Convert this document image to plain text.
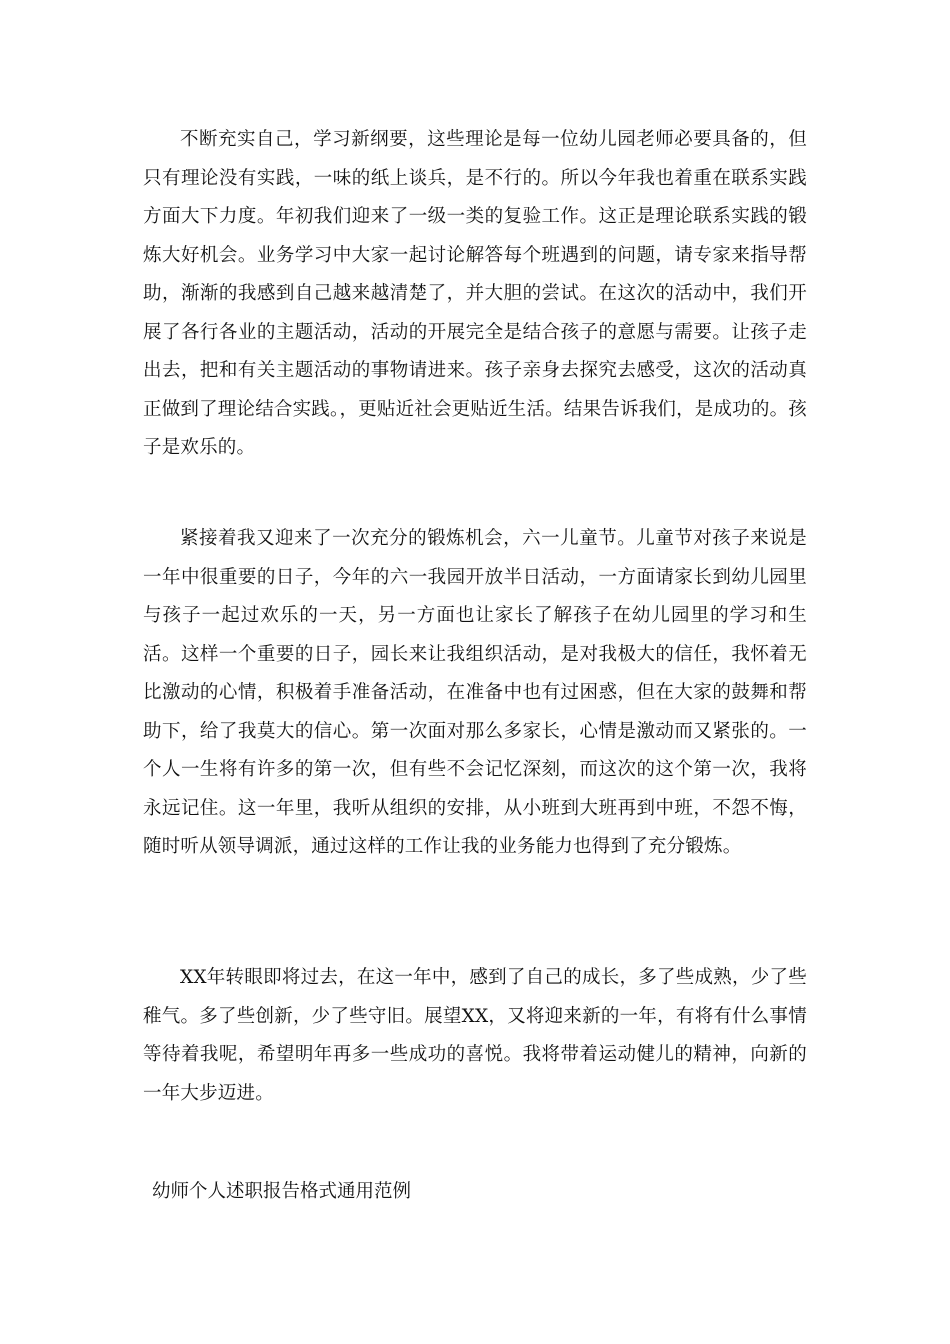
不断充实自己，学习新纲要，这些理论是每一位幼儿园老师必要具备的，但只有理论没有实践，一味的纸上谈兵，是不行的。所以今年我也着重在联系实践方面大下力度。年初我们迎来了一级一类的复验工作。这正是理论联系实践的锻炼大好机会。业务学习中大家一起讨论解答每个班遇到的问题，请专家来指导帮助，渐渐的我感到自己越来越清楚了，并大胆的尝试。在这次的活动中，我们开展了各行各业的主题活动，活动的开展完全是结合孩子的意愿与需要。让孩子走出去，把和有关主题活动的事物请进来。孩子亲身去探究去感受，这次的活动真正做到了理论结合实践。，更贴近社会更贴近生活。结果告诉我们，是成功的。孩子是欢乐的。

紧接着我又迎来了一次充分的锻炼机会，六一儿童节。儿童节对孩子来说是一年中很重要的日子，今年的六一我园开放半日活动，一方面请家长到幼儿园里与孩子一起过欢乐的一天，另一方面也让家长了解孩子在幼儿园里的学习和生活。这样一个重要的日子，园长来让我组织活动，是对我极大的信任，我怀着无比激动的心情，积极着手准备活动，在准备中也有过困惑，但在大家的鼓舞和帮助下，给了我莫大的信心。第一次面对那么多家长，心情是激动而又紧张的。一个人一生将有许多的第一次，但有些不会记忆深刻，而这次的这个第一次，我将永远记住。这一年里，我听从组织的安排，从小班到大班再到中班，不怨不悔，随时听从领导调派，通过这样的工作让我的业务能力也得到了充分锻炼。

XX年转眼即将过去，在这一年中，感到了自己的成长，多了些成熟，少了些稚气。多了些创新，少了些守旧。展望XX，又将迎来新的一年，有将有什么事情等待着我呢，希望明年再多一些成功的喜悦。我将带着运动健儿的精神，向新的一年大步迈进。

幼师个人述职报告格式通用范例
